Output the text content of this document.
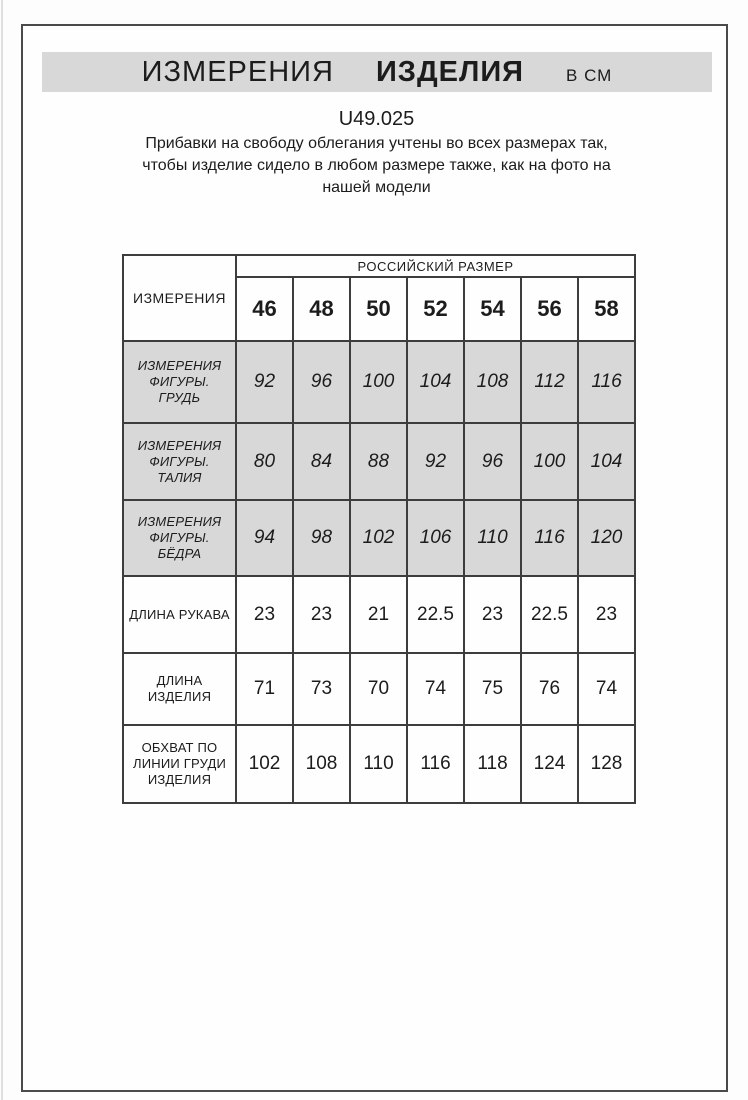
ИЗМЕРЕНИЯ ИЗДЕЛИЯ В СМ
U49.025
Прибавки на свободу облегания учтены во всех размерах так,
чтобы изделие сидело в любом размере также, как на фото на
нашей модели
ИЗМЕРЕНИЯ	РОССИЙСКИЙ РАЗМЕР						
	46	48	50	52	54	56	58
ИЗМЕРЕНИЯ ФИГУРЫ. ГРУДЬ	92	96	100	104	108	112	116
ИЗМЕРЕНИЯ ФИГУРЫ. ТАЛИЯ	80	84	88	92	96	100	104
ИЗМЕРЕНИЯ ФИГУРЫ. БЁДРА	94	98	102	106	110	116	120
ДЛИНА РУКАВА	23	23	21	22.5	23	22.5	23
ДЛИНА ИЗДЕЛИЯ	71	73	70	74	75	76	74
ОБХВАТ ПО ЛИНИИ ГРУДИ ИЗДЕЛИЯ	102	108	110	116	118	124	128
